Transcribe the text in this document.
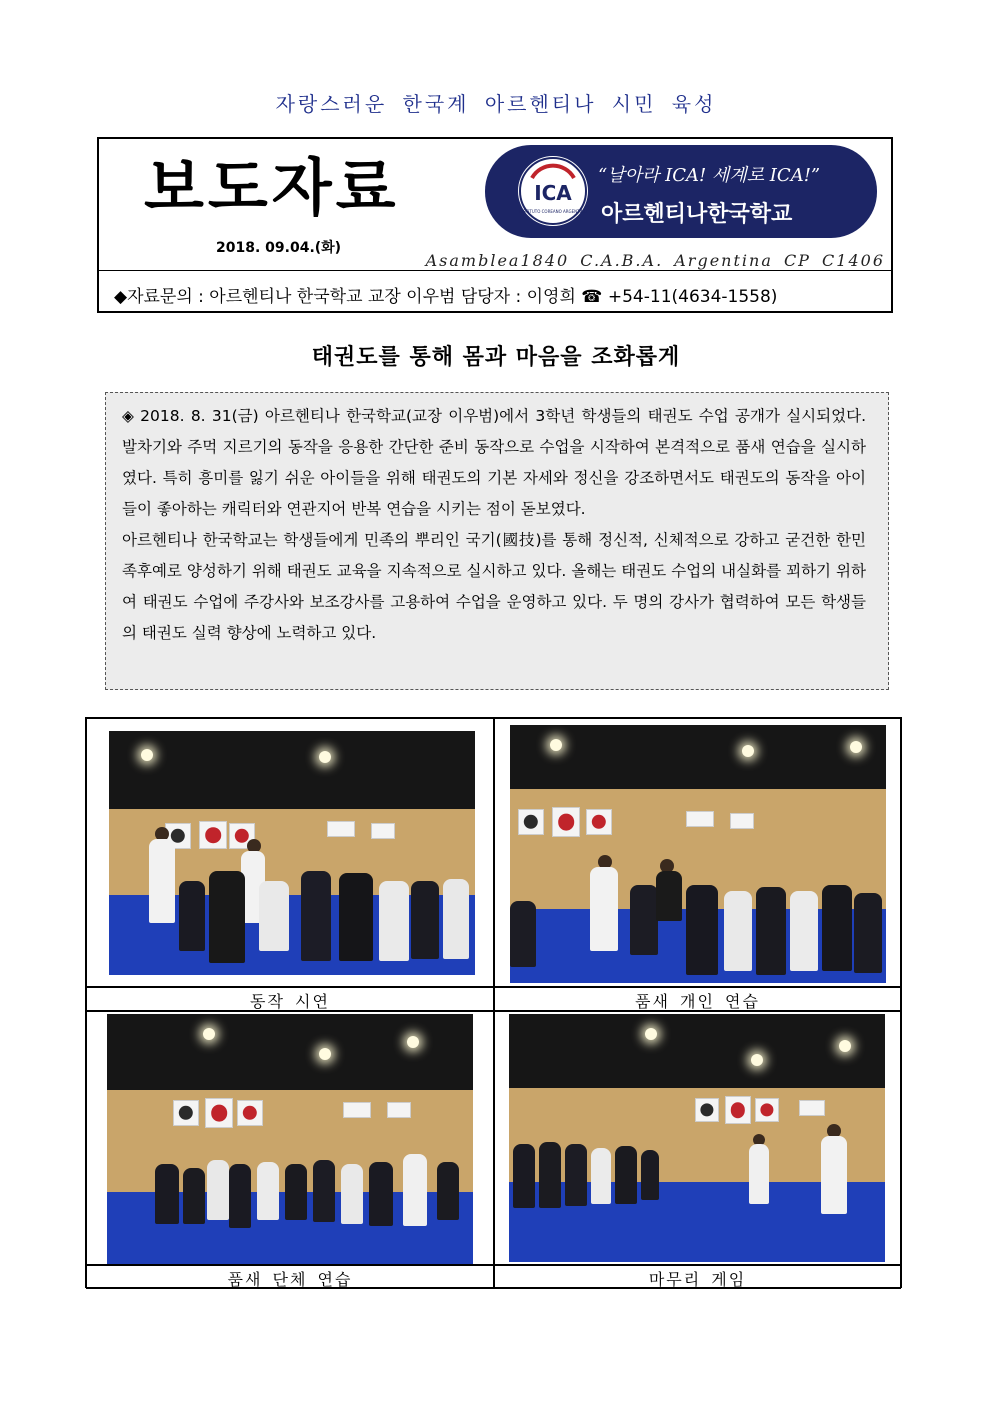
자랑스러운 한국계 아르헨티나 시민 육성
보도자료
2018. 09.04.(화)
ICA
INSTITUTO COREANO ARGENTINO
“날아라 ICA! 세계로 ICA!”
아르헨티나한국학교
Asamblea1840 C.A.B.A. Argentina CP C1406
◆자료문의 : 아르헨티나 한국학교 교장 이우범 담당자 : 이영희 ☎ +54-11(4634-1558)
태권도를 통해 몸과 마음을 조화롭게

◈ 2018. 8. 31(금) 아르헨티나 한국학교(교장 이우범)에서 3학년 학생들의 태권도 수업 공개가 실시되었다. 발차기와 주먹 지르기의 동작을 응용한 간단한 준비 동작으로 수업을 시작하여 본격적으로 품새 연습을 실시하였다. 특히 흥미를 잃기 쉬운 아이들을 위해 태권도의 기본 자세와 정신을 강조하면서도 태권도의 동작을 아이들이 좋아하는 캐릭터와 연관지어 반복 연습을 시키는 점이 돋보였다.

아르헨티나 한국학교는 학생들에게 민족의 뿌리인 국기(國技)를 통해 정신적, 신체적으로 강하고 굳건한 한민족후예로 양성하기 위해 태권도 교육을 지속적으로 실시하고 있다. 올해는 태권도 수업의 내실화를 꾀하기 위하여 태권도 수업에 주강사와 보조강사를 고용하여 수업을 운영하고 있다. 두 명의 강사가 협력하여 모든 학생들의 태권도 실력 향상에 노력하고 있다.

동작 시연	품새 개인 연습
품새 단체 연습	마무리 게임
